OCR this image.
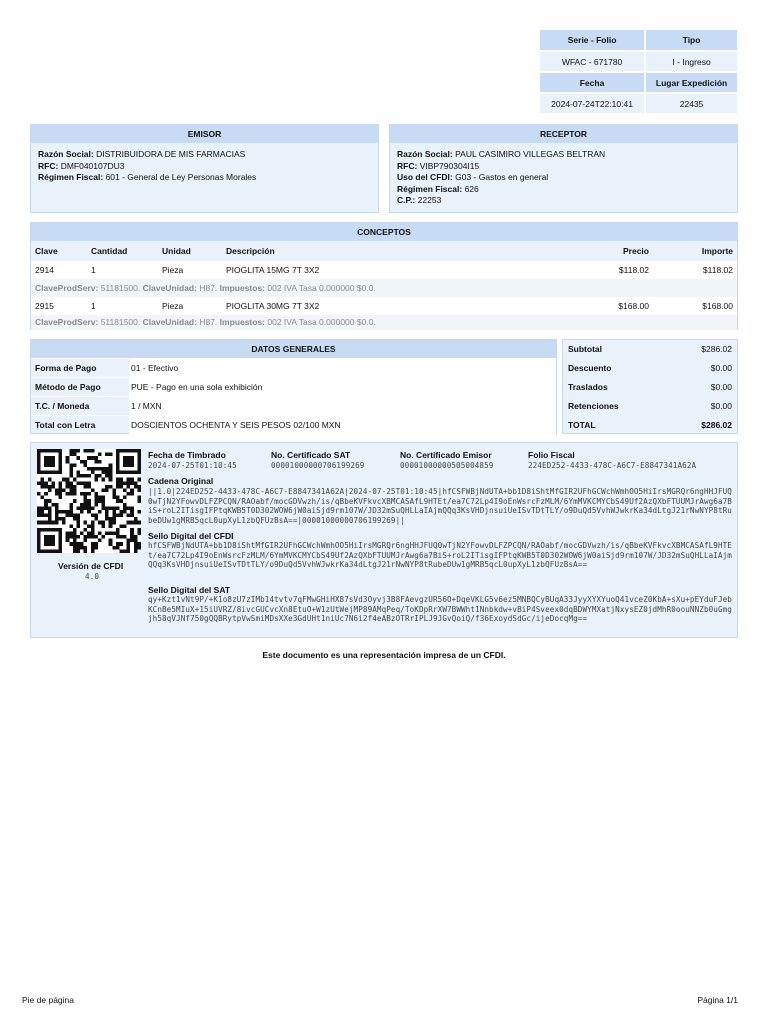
Serie - Folio	Tipo
WFAC - 671780	I - Ingreso
Fecha	Lugar Expedición
2024-07-24T22:10:41	22435
EMISOR
Razón Social: DISTRIBUIDORA DE MIS FARMACIAS
RFC: DMF040107DU3
Régimen Fiscal: 601 - General de Ley Personas Morales
RECEPTOR
Razón Social: PAUL CASIMIRO VILLEGAS BELTRAN
RFC: VIBP790304I15
Uso del CFDI: G03 - Gastos en general
Régimen Fiscal: 626
C.P.: 22253
CONCEPTOS
Clave	Cantidad	Unidad	Descripción	Precio	Importe
2914	1	Pieza	PIOGLITA 15MG 7T 3X2	$118.02	$118.02
ClaveProdServ: 51181500. ClaveUnidad: H87. Impuestos: 002 IVA Tasa 0.000000 $0.0.
2915	1	Pieza	PIOGLITA 30MG 7T 3X2	$168.00	$168.00
ClaveProdServ: 51181500. ClaveUnidad: H87. Impuestos: 002 IVA Tasa 0.000000 $0.0.
DATOS GENERALES
Forma de Pago	01 - Efectivo
Método de Pago	PUE - Pago en una sola exhibición
T.C. / Moneda	1 / MXN
Total con Letra	DOSCIENTOS OCHENTA Y SEIS PESOS 02/100 MXN
Subtotal	$286.02
Descuento	$0.00
Traslados	$0.00
Retenciones	$0.00
TOTAL	$286.02
Versión de CFDI
4.0
Fecha de Timbrado
2024-07-25T01:10:45
No. Certificado SAT
00001000000706199269
No. Certificado Emisor
00001000000505004859
Folio Fiscal
224ED252-4433-478C-A6C7-E8847341A62A
Cadena Original
||1.0|224ED252-4433-478C-A6C7-E8847341A62A|2024-07-25T01:10:45|hfCSFWBjNdUTA+bb1D8iShtMfGIR2UFhGCWchWmhOO5HiIrsMGRQr6ngHHJFUQ0wTjN2YFowvDLFZPCQN/RAOabf/mocGDVwzh/is/qBbeKVFkvcXBMCASAfL9HTEt/ea7C72Lp4I9oEnWsrcFzMLM/6YmMVKCMYCbS49Uf2AzQXbFTUUMJrAwg6a7BiS+roL2ITisgIFPtqKWB5T0D302WOW6jW0aiSjd9rm107W/JD32mSuQHLLaIAjmQQq3KsVHDjnsuiUeISvTDtTLY/o9DuQd5VvhWJwkrKa34dLtgJ21rNwNYP8tRubeDUw1gMRB5qcL0upXyL1zbQFUzBsA==|00001000000706199269||
Sello Digital del CFDI
hfCSFWBjNdUTA+bb1D8iShtMfGIR2UFhGCWchWmhOO5HiIrsMGRQr6ngHHJFUQ0wTjN2YFowvDLFZPCQN/RAOabf/mocGDVwzh/is/qBbeKVFkvcXBMCASAfL9HTEt/ea7C72Lp4I9oEnWsrcFzMLM/6YmMVKCMYCbS49Uf2AzQXbFTUUMJrAwg6a7BiS+roL2ITisgIFPtqKWB5T0D302WOW6jW0aiSjd9rm107W/JD32mSuQHLLaIAjmQQq3KsVHDjnsuiUeISvTDtTLY/o9DuQd5VvhWJwkrKa34dLtgJ21rNwNYP8tRubeDUw1gMRB5qcL0upXyL1zbQFUzBsA==
Sello Digital del SAT
qy+Kzt1vNt9P/+K1o8zU7zIMb14tvtv7qFMwGHiHX87sVd3Oyvj3B8FAevgzUR56O+DqeVKLG5v6ez5MNBQCyBUqA33JyyXYXYuoQ41vceZ0KbA+sXu+pEYduFJebKCnBe5MIuX+15iUVRZ/8ivcGUCvcXn8EtuO+W1zUtWejMP89AMqPeq/ToKDpRrXW7BWWht1Nnbkdw+vBiP4Sveex0dqBDWYMXatjNxysEZ0jdMhR0oouNNZb0uGmgjh58qVJNf750gQQBRytpVwSmiMDsXXe3GdUHt1niUc7N6i2f4eABzOTRrIPLJ9JGvQoiQ/f36ExoydSdGc/ijeDocqMg==
Este documento es una representación impresa de un CFDI.
Pie de página	Página 1/1
